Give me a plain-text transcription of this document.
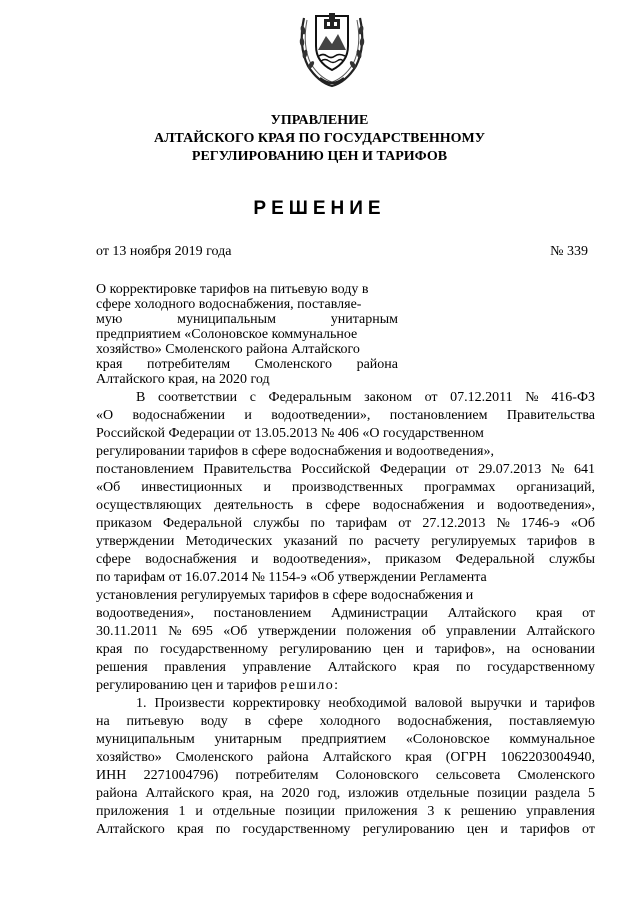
УПРАВЛЕНИЕ
АЛТАЙСКОГО КРАЯ ПО ГОСУДАРСТВЕННОМУ
РЕГУЛИРОВАНИЮ ЦЕН И ТАРИФОВ
РЕШЕНИЕ
от 13 ноября 2019 года	№ 339
О корректировке тарифов на питьевую воду в
сфере холодного водоснабжения, поставляе-
мую	муниципальным	унитарным
предприятием «Солоновское коммунальное
хозяйство» Смоленского района Алтайского
края потребителям Смоленского района
Алтайского края, на 2020 год
В соответствии с Федеральным законом от 07.12.2011 № 416-ФЗ
«О водоснабжении и водоотведении», постановлением Правительства
Российской Федерации от 13.05.2013 № 406 «О государственном
регулировании тарифов в сфере водоснабжения и водоотведения»,
постановлением Правительства Российской Федерации от 29.07.2013 № 641
«Об инвестиционных и производственных программах организаций,
осуществляющих деятельность в сфере водоснабжения и водоотведения»,
приказом Федеральной службы по тарифам от 27.12.2013 № 1746-э «Об
утверждении Методических указаний по расчету регулируемых тарифов в
сфере водоснабжения и водоотведения», приказом Федеральной службы
по тарифам от 16.07.2014 № 1154-э «Об утверждении Регламента
установления регулируемых тарифов в сфере водоснабжения и
водоотведения», постановлением Администрации Алтайского края от
30.11.2011 № 695 «Об утверждении положения об управлении Алтайского
края по государственному регулированию цен и тарифов», на основании
решения правления управление Алтайского края по государственному
регулированию цен и тарифов решило:
1. Произвести корректировку необходимой валовой выручки и тарифов
на питьевую воду в сфере холодного водоснабжения, поставляемую
муниципальным унитарным предприятием «Солоновское коммунальное
хозяйство» Смоленского района Алтайского края (ОГРН 1062203004940,
ИНН 2271004796) потребителям Солоновского сельсовета Смоленского
района Алтайского края, на 2020 год, изложив отдельные позиции раздела 5
приложения 1 и отдельные позиции приложения 3 к решению управления
Алтайского края по государственному регулированию цен и тарифов от
